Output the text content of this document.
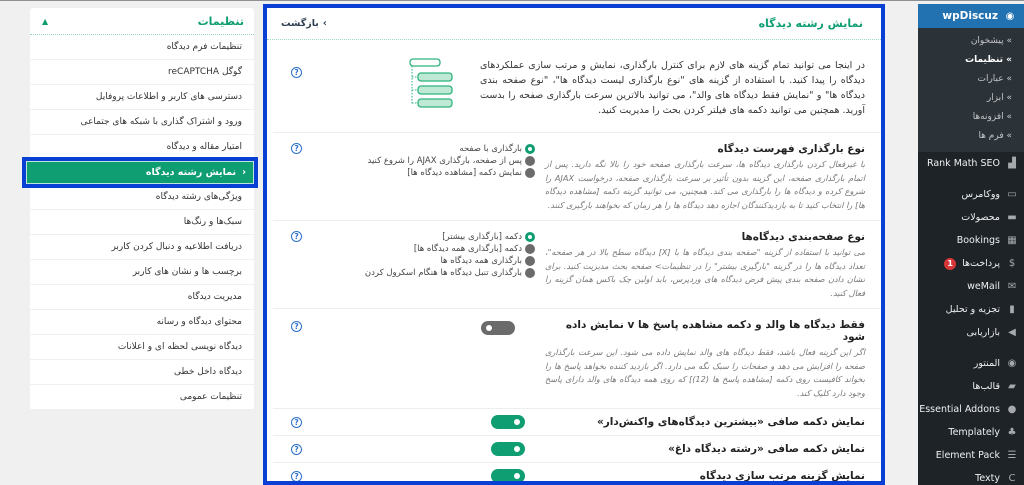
◉
wpDiscuz
» پیشخوان
» تنظیمات
» عبارات
» ابزار
» افزونه‌ها
» فرم ها
▟
Rank Math SEO
▭
ووکامرس
▬
محصولات
▦
Bookings
$
پرداخت‌ها
1
✉
weMail
▮
تجزیه و تحلیل
◀
بازاریابی
◉
المنتور
▰
قالب‌ها
●
Essential Addons
♣
Templately
☰
Element Pack
C
Texty
نمایش رشته دیدگاه
›
بازگشت

در اینجا می توانید تمام گزینه های لازم برای کنترل بارگذاری، نمایش و مرتب سازی عملکردهای دیدگاه را پیدا کنید. با استفاده از گزینه های "نوع بارگذاری لیست دیدگاه ها"، "نوع صفحه بندی دیدگاه ها" و "نمایش فقط دیدگاه های والد"، می توانید بالاترین سرعت بارگذاری صفحه را بدست آورید. همچنین می توانید دکمه های فیلتر کردن بحث را مدیریت کنید.

?
نوع بارگذاری فهرست دیدگاه
با غیرفعال کردن بارگذاری دیدگاه ها، سرعت بارگذاری صفحه خود را بالا نگه دارید. پس از اتمام بارگذاری صفحه، این گزینه بدون تأثیر بر سرعت بارگذاری صفحه، درخواست AJAX را شروع کرده و دیدگاه ها را بارگذاری می کند. همچنین، می توانید گزینه دکمه [مشاهده دیدگاه ها] را انتخاب کنید تا به بازدیدکنندگان اجازه دهد دیدگاه ها را هر زمان که بخواهند بارگیری کنند.
بارگذاری با صفحه
پس از صفحه، بارگذاری AJAX را شروع کنید
نمایش دکمه [مشاهده دیدگاه ها]
?
نوع صفحه‌بندی دیدگاه‌ها
می توانید با استفاده از گزینه "صفحه بندی دیدگاه ها با [X] دیدگاه سطح بالا در هر صفحه"، تعداد دیدگاه ها را در گزینه "بارگیری بیشتر" را در تنظیمات> صفحه بحث مدیریت کنید. برای نشان دادن صفحه بندی پیش فرض دیدگاه های وردپرس، باید اولین چک باکس همان گزینه را فعال کنید.
دکمه [بارگذاری بیشتر]
دکمه [بارگذاری همه دیدگاه ها]
بارگذاری همه دیدگاه ها
بارگذاری تنبل دیدگاه ها هنگام اسکرول کردن
?
فقط دیدگاه ها والد و دکمه مشاهده پاسخ ها v نمایش داده شود
اگر این گزینه فعال باشد، فقط دیدگاه های والد نمایش داده می شود. این سرعت بارگذاری صفحه را افزایش می دهد و صفحات را سبک نگه می دارد. اگر بازدید کننده بخواهد پاسخ ها را بخواند کافیست روی دکمه [مشاهده پاسخ ها (12)] که روی همه دیدگاه های والد دارای پاسخ وجود دارد کلیک کند.
?
نمایش دکمه صافی «بیشترین دیدگاه‌های واکنش‌دار»
?
نمایش دکمه صافی «رشته دیدگاه داغ»
?
نمایش گزینه مرتب سازی دیدگاه
?
تنظیمات
▲
تنظیمات فرم دیدگاه
گوگل reCAPTCHA
دسترسی های کاربر و اطلاعات پروفایل
ورود و اشتراک گذاری با شبکه های جتماعی
امتیار مقاله و دیدگاه
‹
نمایش رشته دیدگاه
ویژگی‌های رشته دیدگاه
سبک‌ها و رنگ‌ها
دریافت اطلاعیه و دنبال کردن کاربر
برچسب ها و نشان های کاربر
مدیریت دیدگاه
محتوای دیدگاه و رسانه
دیدگاه نویسی لحظه ای و اعلانات
دیدگاه داخل خطی
تنظیمات عمومی
